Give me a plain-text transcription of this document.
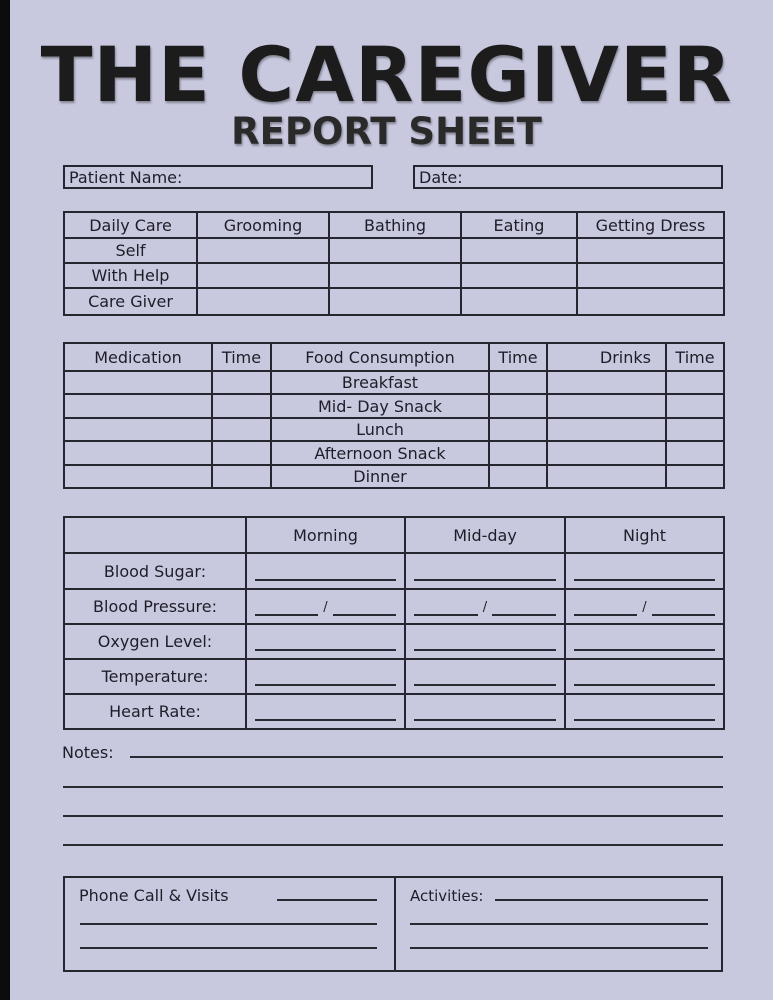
THE CAREGIVER
REPORT SHEET
Patient Name:	Date:
Daily Care	Grooming	Bathing	Eating	Getting Dress
Self				
With Help				
Care Giver				
Medication	Time	Food Consumption	Time	Drinks	Time
		Breakfast			
		Mid- Day Snack			
		Lunch			
		Afternoon Snack			
		Dinner			
	Morning	Mid-day	Night
Blood Sugar:	

Blood Pressure:	/	/	/

Oxygen Level:	

Temperature:	

Heart Rate:	

Notes:
Phone Call & Visits	Activities:
